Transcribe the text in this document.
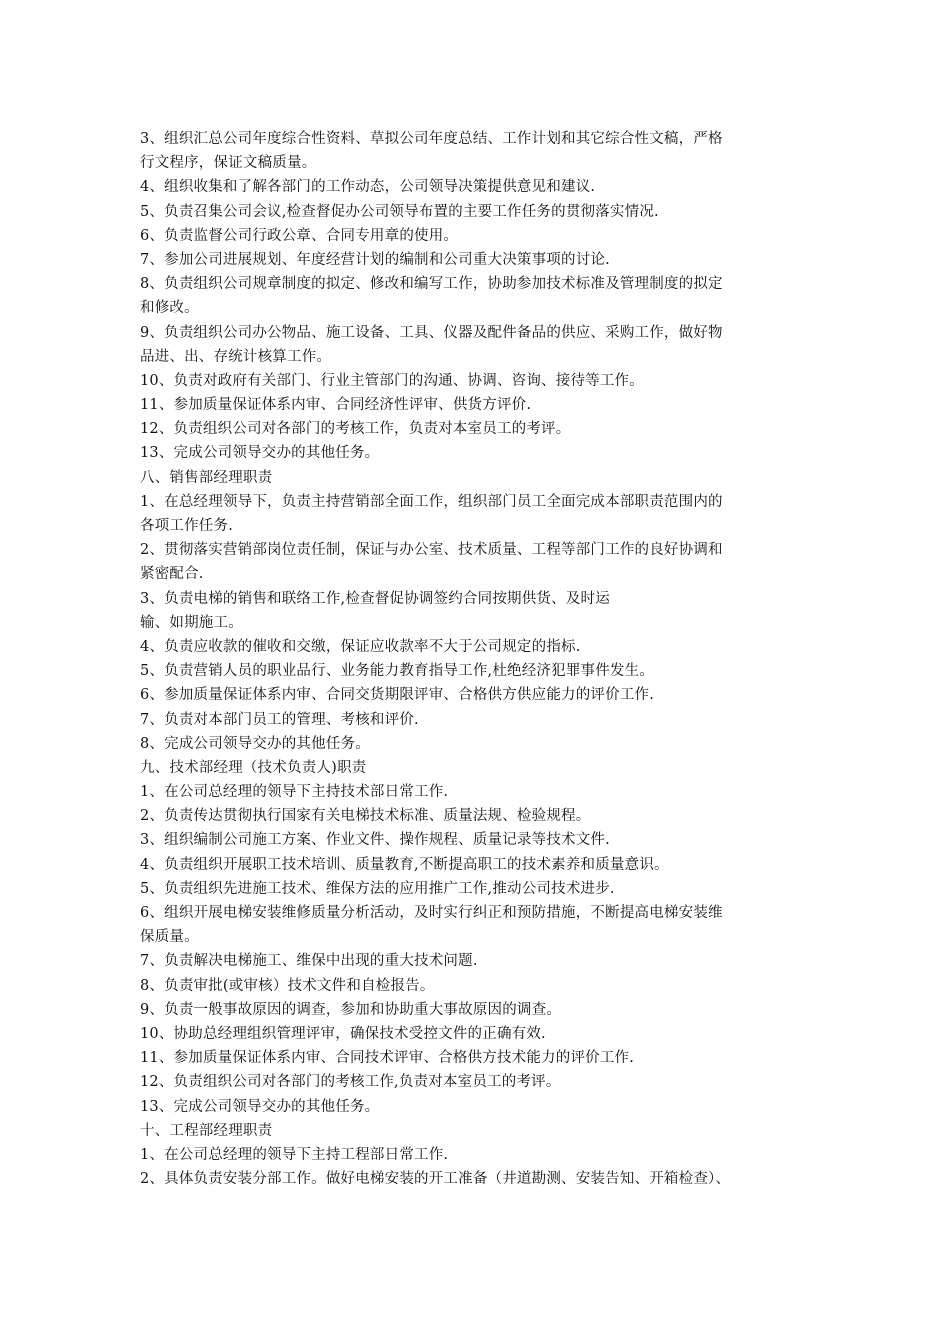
3、组织汇总公司年度综合性资料、草拟公司年度总结、工作计划和其它综合性文稿，严格
行文程序，保证文稿质量。
4、组织收集和了解各部门的工作动态，公司领导决策提供意见和建议.
5、负责召集公司会议,检查督促办公司领导布置的主要工作任务的贯彻落实情况.
6、负责监督公司行政公章、合同专用章的使用。
7、参加公司进展规划、年度经营计划的编制和公司重大决策事项的讨论.
8、负责组织公司规章制度的拟定、修改和编写工作，协助参加技术标准及管理制度的拟定
和修改。
9、负责组织公司办公物品、施工设备、工具、仪器及配件备品的供应、采购工作，做好物
品进、出、存统计核算工作。
10、负责对政府有关部门、行业主管部门的沟通、协调、咨询、接待等工作。
11、参加质量保证体系内审、合同经济性评审、供货方评价.
12、负责组织公司对各部门的考核工作，负责对本室员工的考评。
13、完成公司领导交办的其他任务。
八、销售部经理职责
1、在总经理领导下，负责主持营销部全面工作，组织部门员工全面完成本部职责范围内的
各项工作任务.
2、贯彻落实营销部岗位责任制，保证与办公室、技术质量、工程等部门工作的良好协调和
紧密配合.
3、负责电梯的销售和联络工作,检查督促协调签约合同按期供货、及时运
输、如期施工。
4、负责应收款的催收和交缴，保证应收款率不大于公司规定的指标.
5、负责营销人员的职业品行、业务能力教育指导工作,杜绝经济犯罪事件发生。
6、参加质量保证体系内审、合同交货期限评审、合格供方供应能力的评价工作.
7、负责对本部门员工的管理、考核和评价.
8、完成公司领导交办的其他任务。
九、技术部经理（技术负责人)职责
1、在公司总经理的领导下主持技术部日常工作.
2、负责传达贯彻执行国家有关电梯技术标准、质量法规、检验规程。
3、组织编制公司施工方案、作业文件、操作规程、质量记录等技术文件.
4、负责组织开展职工技术培训、质量教育,不断提高职工的技术素养和质量意识。
5、负责组织先进施工技术、维保方法的应用推广工作,推动公司技术进步.
6、组织开展电梯安装维修质量分析活动，及时实行纠正和预防措施，不断提高电梯安装维
保质量。
7、负责解决电梯施工、维保中出现的重大技术问题.
8、负责审批(或审核）技术文件和自检报告。
9、负责一般事故原因的调查，参加和协助重大事故原因的调查。
10、协助总经理组织管理评审，确保技术受控文件的正确有效.
11、参加质量保证体系内审、合同技术评审、合格供方技术能力的评价工作.
12、负责组织公司对各部门的考核工作,负责对本室员工的考评。
13、完成公司领导交办的其他任务。
十、工程部经理职责
1、在公司总经理的领导下主持工程部日常工作.
2、具体负责安装分部工作。做好电梯安装的开工准备（井道勘测、安装告知、开箱检查）、
